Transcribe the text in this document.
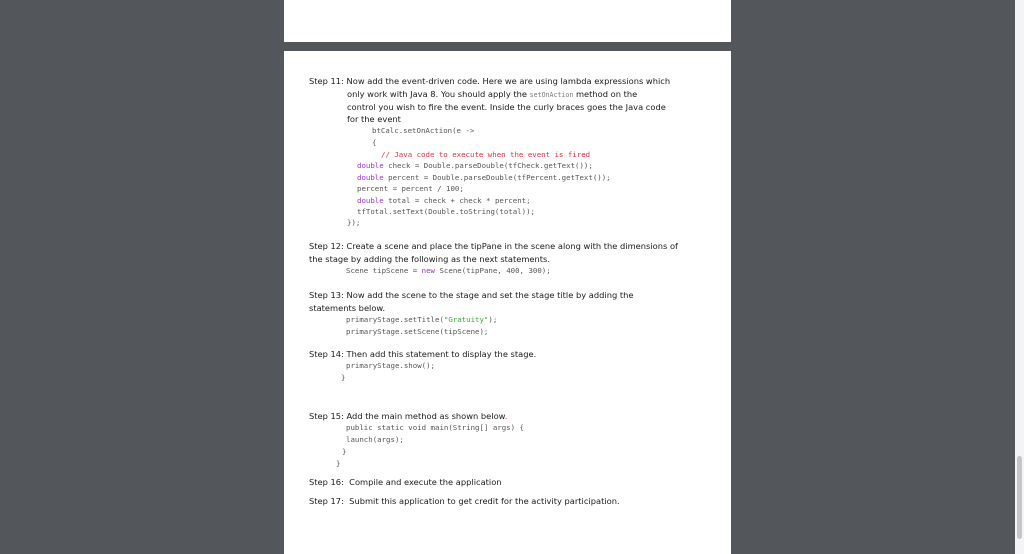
Step 11: Now add the event-driven code. Here we are using lambda expressions which
only work with Java 8. You should apply the setOnAction method on the
control you wish to fire the event. Inside the curly braces goes the Java code
for the event
btCalc.setOnAction(e ->
{
// Java code to execute when the event is fired
double check = Double.parseDouble(tfCheck.getText());
double percent = Double.parseDouble(tfPercent.getText());
percent = percent / 100;
double total = check + check * percent;
tfTotal.setText(Double.toString(total));
});
Step 12: Create a scene and place the tipPane in the scene along with the dimensions of
the stage by adding the following as the next statements.
Scene tipScene = new Scene(tipPane, 400, 300);
Step 13: Now add the scene to the stage and set the stage title by adding the
statements below.
primaryStage.setTitle("Gratuity");
primaryStage.setScene(tipScene);
Step 14: Then add this statement to display the stage.
primaryStage.show();
}
Step 15: Add the main method as shown below.
public static void main(String[] args) {
launch(args);
}
}
Step 16: Compile and execute the application
Step 17: Submit this application to get credit for the activity participation.
